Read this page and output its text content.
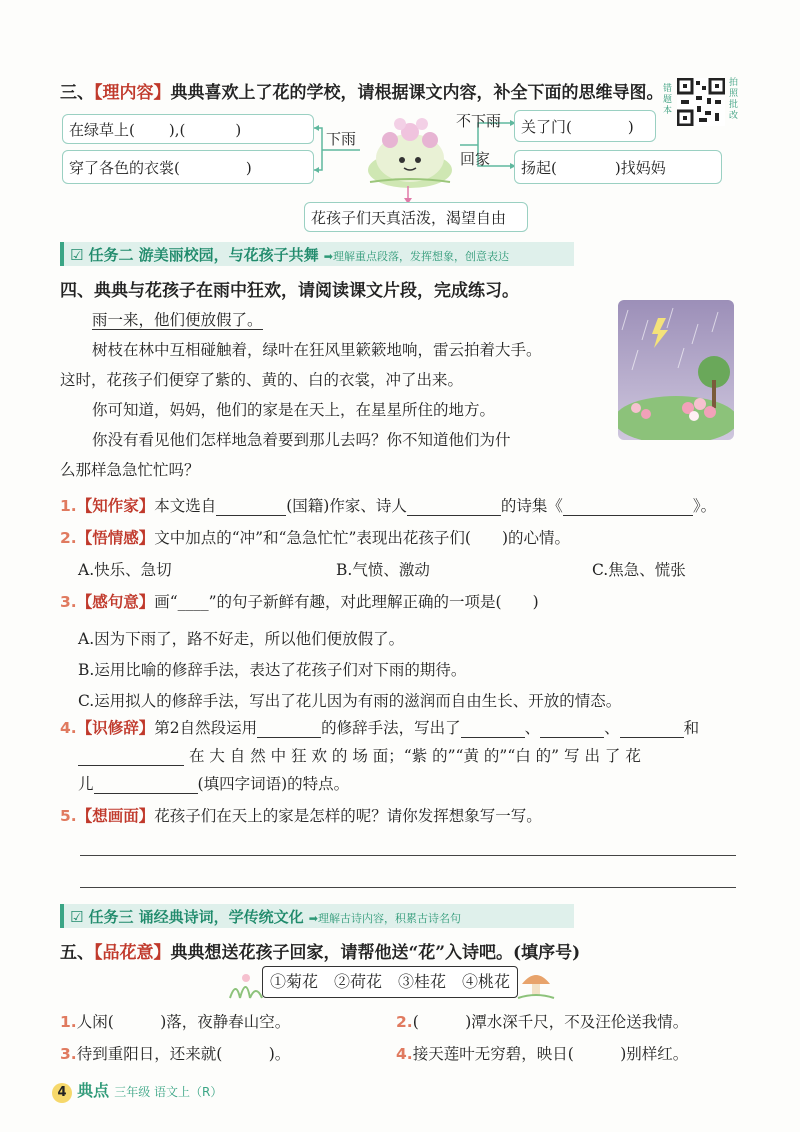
三、【理内容】典典喜欢上了花的学校，请根据课文内容，补全下面的思维导图。 错题本
拍照批改
在绿草上( ),(	)
穿了各色的衣裳(	)
下雨
不下雨
回家
关了门(	)
扬起(	)找妈妈
花孩子们天真活泼，渴望自由
☑ 任务二 游美丽校园，与花孩子共舞 ➡理解重点段落，发挥想象，创意表达
四、典典与花孩子在雨中狂欢，请阅读课文片段，完成练习。
雨一来，他们便放假了。
树枝在林中互相碰触着，绿叶在狂风里簌簌地响，雷云拍着大手。
这时，花孩子们便穿了紫的、黄的、白的衣裳，冲了出来。
你可知道，妈妈，他们的家是在天上，在星星所住的地方。
你没有看见他们怎样地急着要到那儿去吗？你不知道他们为什
么那样急急忙忙吗？
1.【知作家】本文选自	(国籍)作家、诗人	的诗集《	》。
2.【悟情感】文中加点的“冲”和“急急忙忙”表现出花孩子们(　　)的心情。
A.快乐、急切	B.气愤、激动	C.焦急、慌张
3.【感句意】画“____”的句子新鲜有趣，对此理解正确的一项是(　　)
A.因为下雨了，路不好走，所以他们便放假了。
B.运用比喻的修辞手法，表达了花孩子们对下雨的期待。
C.运用拟人的修辞手法，写出了花儿因为有雨的滋润而自由生长、开放的情态。
4.【识修辞】第2自然段运用	的修辞手法，写出了	、	、	和
在 大 自 然 中 狂 欢 的 场 面；“紫 的”“黄 的”“白 的” 写 出 了 花
儿	(填四字词语)的特点。
5.【想画面】花孩子们在天上的家是怎样的呢？请你发挥想象写一写。
☑ 任务三 诵经典诗词，学传统文化 ➡理解古诗内容，积累古诗名句
五、【品花意】典典想送花孩子回家，请帮他送“花”入诗吧。(填序号)
①菊花　②荷花　③桂花　④桃花
1.人闲(　　　)落，夜静春山空。	2.(　　　)潭水深千尺，不及汪伦送我情。
3.待到重阳日，还来就(　　　)。	4.接天莲叶无穷碧，映日(　　　)别样红。
4 典点 三年级 语文上（R）
